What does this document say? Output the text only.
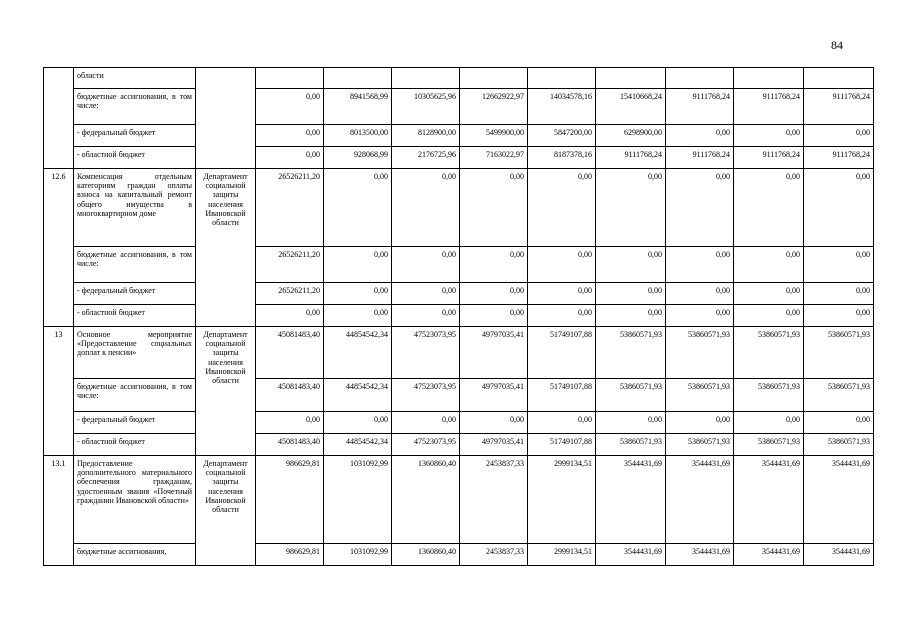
84
	области										
	бюджетные ассигнования, в том числе:		0,00	8941568,99	10305625,96	12662922,97	14034578,16	15410668,24	9111768,24	9111768,24	9111768,24
	- федеральный бюджет		0,00	8013500,00	8128900,00	5499900,00	5847200,00	6298900,00	0,00	0,00	0,00
	- областной бюджет		0,00	928068,99	2176725,96	7163022,97	8187378,16	9111768,24	9111768,24	9111768,24	9111768,24
12.6	Компенсация отдельным категориям граждан оплаты взноса на капитальный ремонт общего имущества в многоквартирном доме	Департамент социальной защиты населения Ивановской области	26526211,20	0,00	0,00	0,00	0,00	0,00	0,00	0,00	0,00
	бюджетные ассигнования, в том числе:		26526211,20	0,00	0,00	0,00	0,00	0,00	0,00	0,00	0,00
	- федеральный бюджет		26526211,20	0,00	0,00	0,00	0,00	0,00	0,00	0,00	0,00
	- областной бюджет		0,00	0,00	0,00	0,00	0,00	0,00	0,00	0,00	0,00
13	Основное мероприятие «Предоставление социальных доплат к пенсии»	Департамент социальной защиты населения Ивановской области	45081483,40	44854542,34	47523073,95	49797035,41	51749107,88	53860571,93	53860571,93	53860571,93	53860571,93
	бюджетные ассигнования, в том числе:		45081483,40	44854542,34	47523073,95	49797035,41	51749107,88	53860571,93	53860571,93	53860571,93	53860571,93
	- федеральный бюджет		0,00	0,00	0,00	0,00	0,00	0,00	0,00	0,00	0,00
	- областной бюджет		45081483,40	44854542,34	47523073,95	49797035,41	51749107,88	53860571,93	53860571,93	53860571,93	53860571,93
13.1	Предоставление дополнительного материального обеспечения гражданам, удостоенным звания «Почетный гражданин Ивановской области»	Департамент социальной защиты населения Ивановской области	986629,81	1031092,99	1360860,40	2453837,33	2999134,51	3544431,69	3544431,69	3544431,69	3544431,69
	бюджетные ассигнования,		986629,81	1031092,99	1360860,40	2453837,33	2999134,51	3544431,69	3544431,69	3544431,69	3544431,69
